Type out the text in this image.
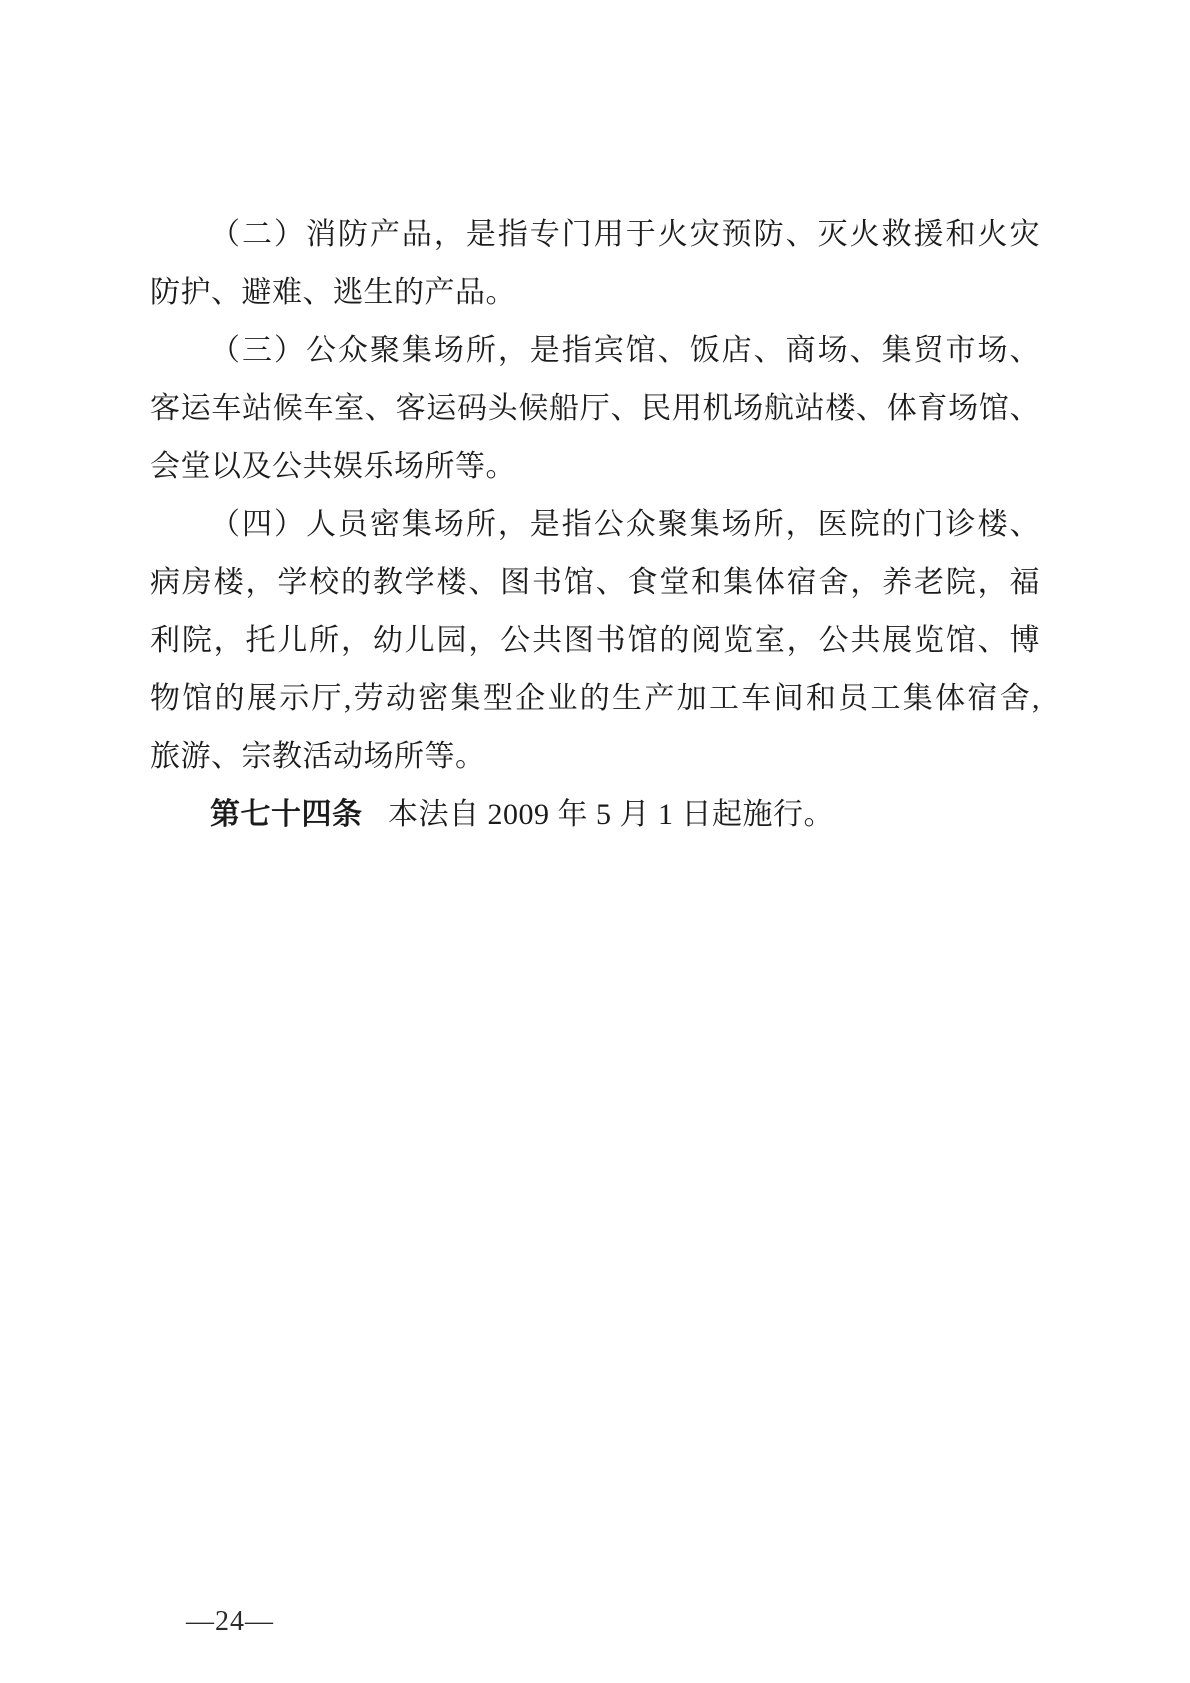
（二）消防产品，是指专门用于火灾预防、灭火救援和火灾
防护、避难、逃生的产品。
（三）公众聚集场所，是指宾馆、饭店、商场、集贸市场、
客运车站候车室、客运码头候船厅、民用机场航站楼、体育场馆、
会堂以及公共娱乐场所等。
（四）人员密集场所，是指公众聚集场所，医院的门诊楼、
病房楼，学校的教学楼、图书馆、食堂和集体宿舍，养老院，福
利院，托儿所，幼儿园，公共图书馆的阅览室，公共展览馆、博
物馆的展示厅,劳动密集型企业的生产加工车间和员工集体宿舍,
旅游、宗教活动场所等。
第七十四条 本法自 2009 年 5 月 1 日起施行。
—24—
